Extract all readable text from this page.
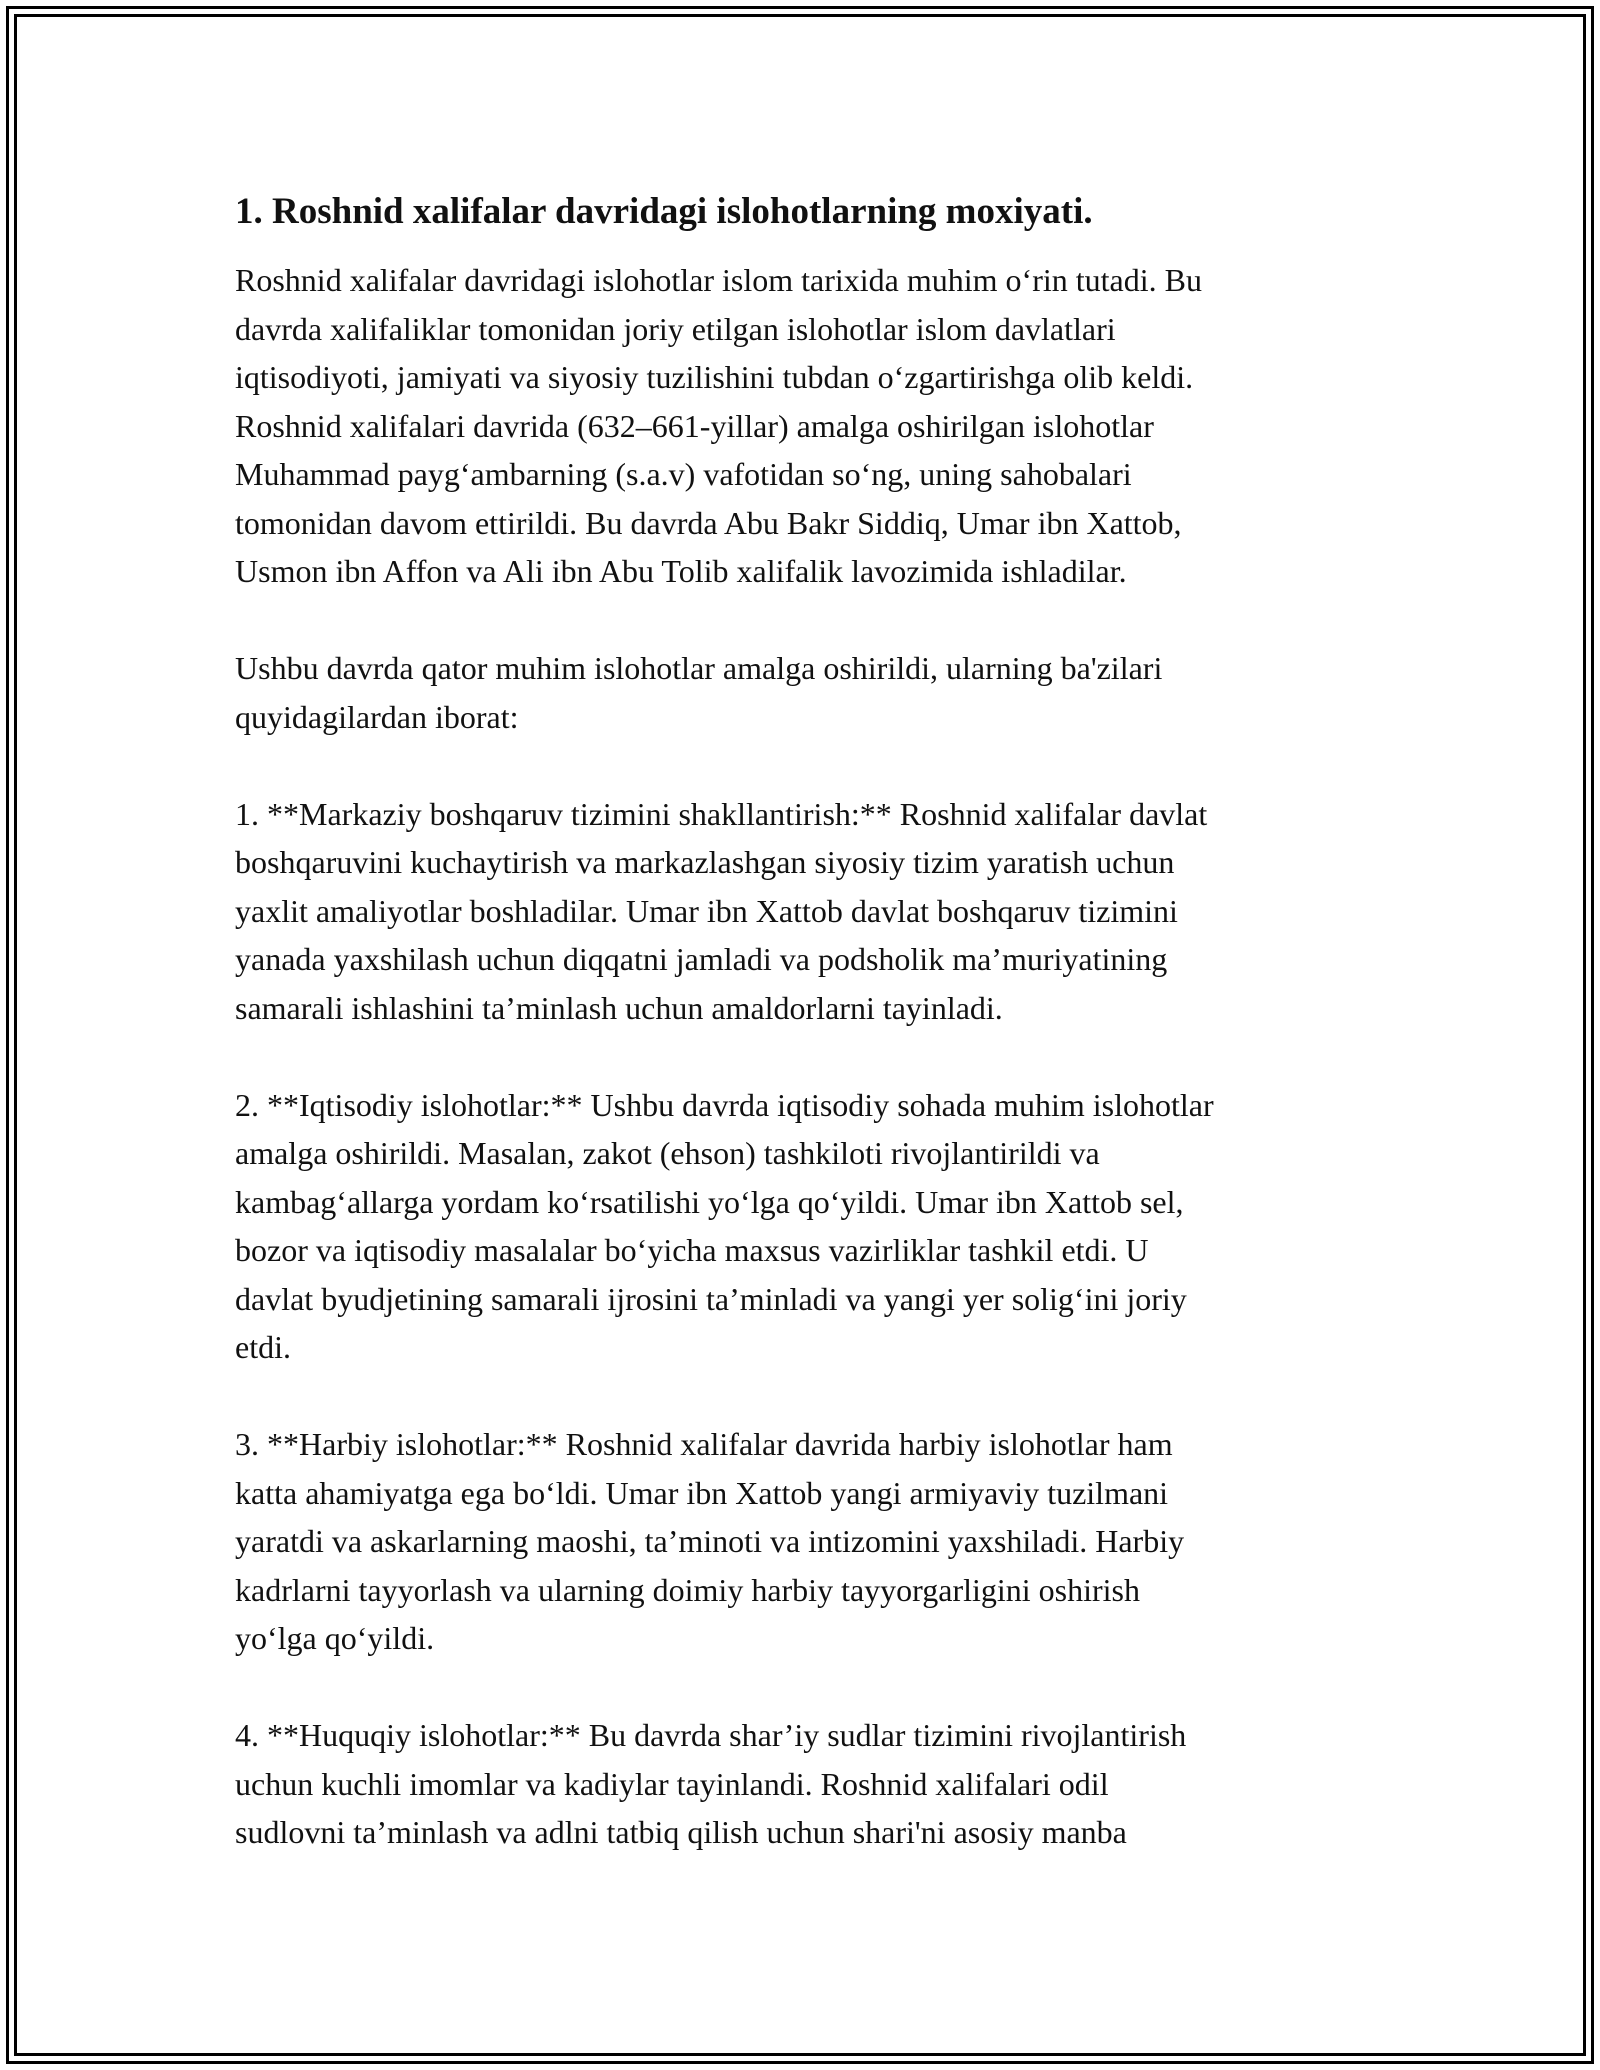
1. Roshnid xalifalar davridagi islohotlarning moxiyati.

Roshnid xalifalar davridagi islohotlar islom tarixida muhim o‘rin tutadi. Bu
davrda xalifaliklar tomonidan joriy etilgan islohotlar islom davlatlari
iqtisodiyoti, jamiyati va siyosiy tuzilishini tubdan o‘zgartirishga olib keldi.
Roshnid xalifalari davrida (632–661-yillar) amalga oshirilgan islohotlar
Muhammad payg‘ambarning (s.a.v) vafotidan so‘ng, uning sahobalari
tomonidan davom ettirildi. Bu davrda Abu Bakr Siddiq, Umar ibn Xattob,
Usmon ibn Affon va Ali ibn Abu Tolib xalifalik lavozimida ishladilar.

Ushbu davrda qator muhim islohotlar amalga oshirildi, ularning ba'zilari
quyidagilardan iborat:

1. **Markaziy boshqaruv tizimini shakllantirish:** Roshnid xalifalar davlat
boshqaruvini kuchaytirish va markazlashgan siyosiy tizim yaratish uchun
yaxlit amaliyotlar boshladilar. Umar ibn Xattob davlat boshqaruv tizimini
yanada yaxshilash uchun diqqatni jamladi va podsholik ma’muriyatining
samarali ishlashini ta’minlash uchun amaldorlarni tayinladi.

2. **Iqtisodiy islohotlar:** Ushbu davrda iqtisodiy sohada muhim islohotlar
amalga oshirildi. Masalan, zakot (ehson) tashkiloti rivojlantirildi va
kambag‘allarga yordam ko‘rsatilishi yo‘lga qo‘yildi. Umar ibn Xattob sel,
bozor va iqtisodiy masalalar bo‘yicha maxsus vazirliklar tashkil etdi. U
davlat byudjetining samarali ijrosini ta’minladi va yangi yer solig‘ini joriy
etdi.

3. **Harbiy islohotlar:** Roshnid xalifalar davrida harbiy islohotlar ham
katta ahamiyatga ega bo‘ldi. Umar ibn Xattob yangi armiyaviy tuzilmani
yaratdi va askarlarning maoshi, ta’minoti va intizomini yaxshiladi. Harbiy
kadrlarni tayyorlash va ularning doimiy harbiy tayyorgarligini oshirish
yo‘lga qo‘yildi.

4. **Huquqiy islohotlar:** Bu davrda shar’iy sudlar tizimini rivojlantirish
uchun kuchli imomlar va kadiylar tayinlandi. Roshnid xalifalari odil
sudlovni ta’minlash va adlni tatbiq qilish uchun shari'ni asosiy manba
